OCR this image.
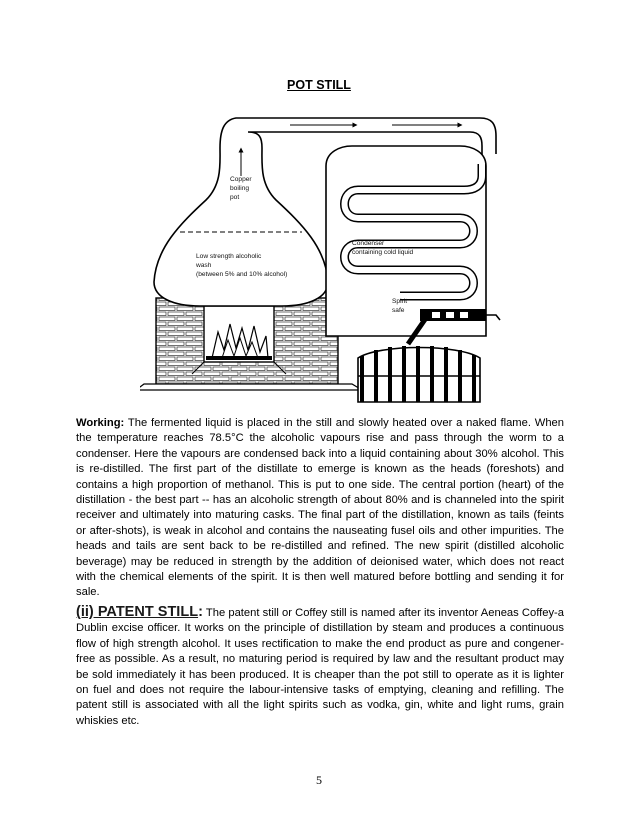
POT STILL
Copper
boiling
pot
Low strength alcoholic
wash
(between 5% and 10% alcohol)
Condenser
containing cold liquid
Spirit
safe
Working: The fermented liquid is placed in the still and slowly heated over a naked flame. When the temperature reaches 78.5°C the alcoholic vapours rise and pass through the worm to a condenser. Here the vapours are condensed back into a liquid containing about 30% alcohol. This is re-distilled. The first part of the distillate to emerge is known as the heads (foreshots) and contains a high proportion of methanol. This is put to one side. The central portion (heart) of the distillation - the best part -- has an alcoholic strength of about 80% and is channeled into the spirit receiver and ultimately into maturing casks. The final part of the distillation, known as tails (feints or after-shots), is weak in alcohol and contains the nauseating fusel oils and other impurities. The heads and tails are sent back to be re-distilled and refined. The new spirit (distilled alcoholic beverage) may be reduced in strength by the addition of deionised water, which does not react with the chemical elements of the spirit. It is then well matured before bottling and sending it for sale.
(ii) PATENT STILL: The patent still or Coffey still is named after its inventor Aeneas Coffey-a Dublin excise officer. It works on the principle of distillation by steam and produces a continuous flow of high strength alcohol. It uses rectification to make the end product as pure and congener-free as possible. As a result, no maturing period is required by law and the resultant product may be sold immediately it has been produced. It is cheaper than the pot still to operate as it is lighter on fuel and does not require the labour-intensive tasks of emptying, cleaning and refilling. The patent still is associated with all the light spirits such as vodka, gin, white and light rums, grain whiskies etc.
5
